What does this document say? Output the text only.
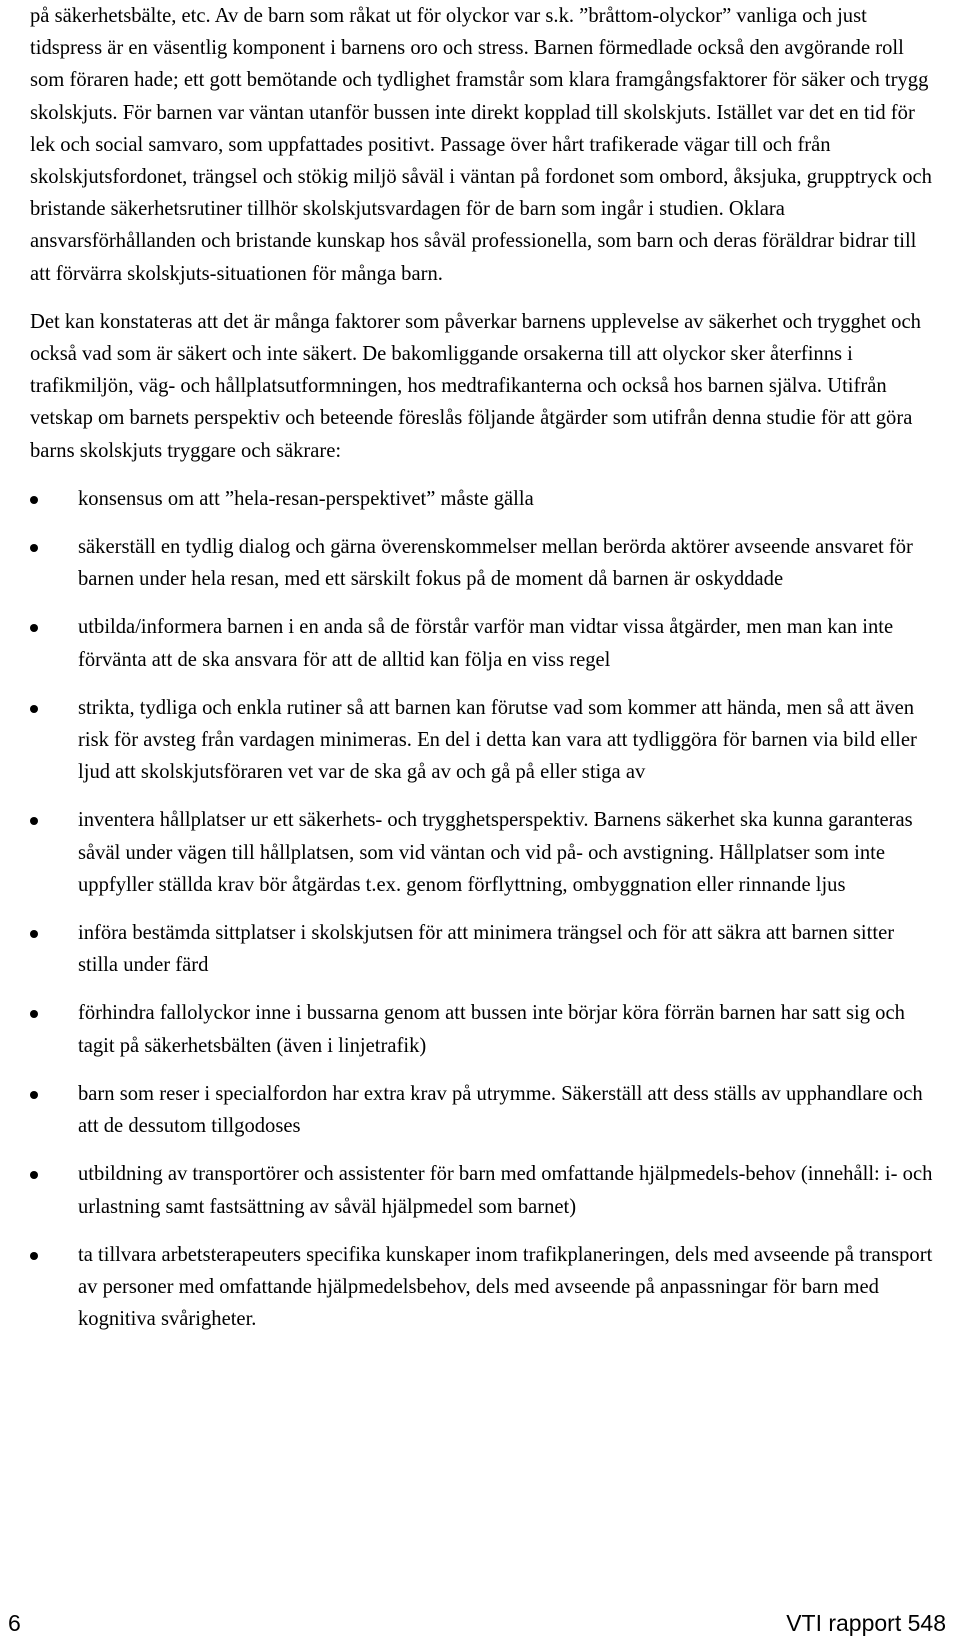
på säkerhetsbälte, etc. Av de barn som råkat ut för olyckor var s.k. ”bråttom-olyckor” vanliga och just tidspress är en väsentlig komponent i barnens oro och stress. Barnen förmedlade också den avgörande roll som föraren hade; ett gott bemötande och tydlighet framstår som klara framgångsfaktorer för säker och trygg skolskjuts. För barnen var väntan utanför bussen inte direkt kopplad till skolskjuts. Istället var det en tid för lek och social samvaro, som uppfattades positivt. Passage över hårt trafikerade vägar till och från skolskjutsfordonet, trängsel och stökig miljö såväl i väntan på fordonet som ombord, åksjuka, grupptryck och bristande säkerhetsrutiner tillhör skolskjutsvardagen för de barn som ingår i studien. Oklara ansvarsförhållanden och bristande kunskap hos såväl professionella, som barn och deras föräldrar bidrar till att förvärra skolskjuts-situationen för många barn.

Det kan konstateras att det är många faktorer som påverkar barnens upplevelse av säkerhet och trygghet och också vad som är säkert och inte säkert. De bakomliggande orsakerna till att olyckor sker återfinns i trafikmiljön, väg- och hållplatsutformningen, hos medtrafikanterna och också hos barnen själva. Utifrån vetskap om barnets perspektiv och beteende föreslås följande åtgärder som utifrån denna studie för att göra barns skolskjuts tryggare och säkrare:

konsensus om att ”hela-resan-perspektivet” måste gälla
säkerställ en tydlig dialog och gärna överenskommelser mellan berörda aktörer avseende ansvaret för barnen under hela resan, med ett särskilt fokus på de moment då barnen är oskyddade
utbilda/informera barnen i en anda så de förstår varför man vidtar vissa åtgärder, men man kan inte förvänta att de ska ansvara för att de alltid kan följa en viss regel
strikta, tydliga och enkla rutiner så att barnen kan förutse vad som kommer att hända, men så att även risk för avsteg från vardagen minimeras. En del i detta kan vara att tydliggöra för barnen via bild eller ljud att skolskjutsföraren vet var de ska gå av och gå på eller stiga av
inventera hållplatser ur ett säkerhets- och trygghetsperspektiv. Barnens säkerhet ska kunna garanteras såväl under vägen till hållplatsen, som vid väntan och vid på- och avstigning. Hållplatser som inte uppfyller ställda krav bör åtgärdas t.ex. genom förflyttning, ombyggnation eller rinnande ljus
införa bestämda sittplatser i skolskjutsen för att minimera trängsel och för att säkra att barnen sitter stilla under färd
förhindra fallolyckor inne i bussarna genom att bussen inte börjar köra förrän barnen har satt sig och tagit på säkerhetsbälten (även i linjetrafik)
barn som reser i specialfordon har extra krav på utrymme. Säkerställ att dess ställs av upphandlare och att de dessutom tillgodoses
utbildning av transportörer och assistenter för barn med omfattande hjälpmedels-behov (innehåll: i- och urlastning samt fastsättning av såväl hjälpmedel som barnet)
ta tillvara arbetsterapeuters specifika kunskaper inom trafikplaneringen, dels med avseende på transport av personer med omfattande hjälpmedelsbehov, dels med avseende på anpassningar för barn med kognitiva svårigheter.
6	VTI rapport 548
